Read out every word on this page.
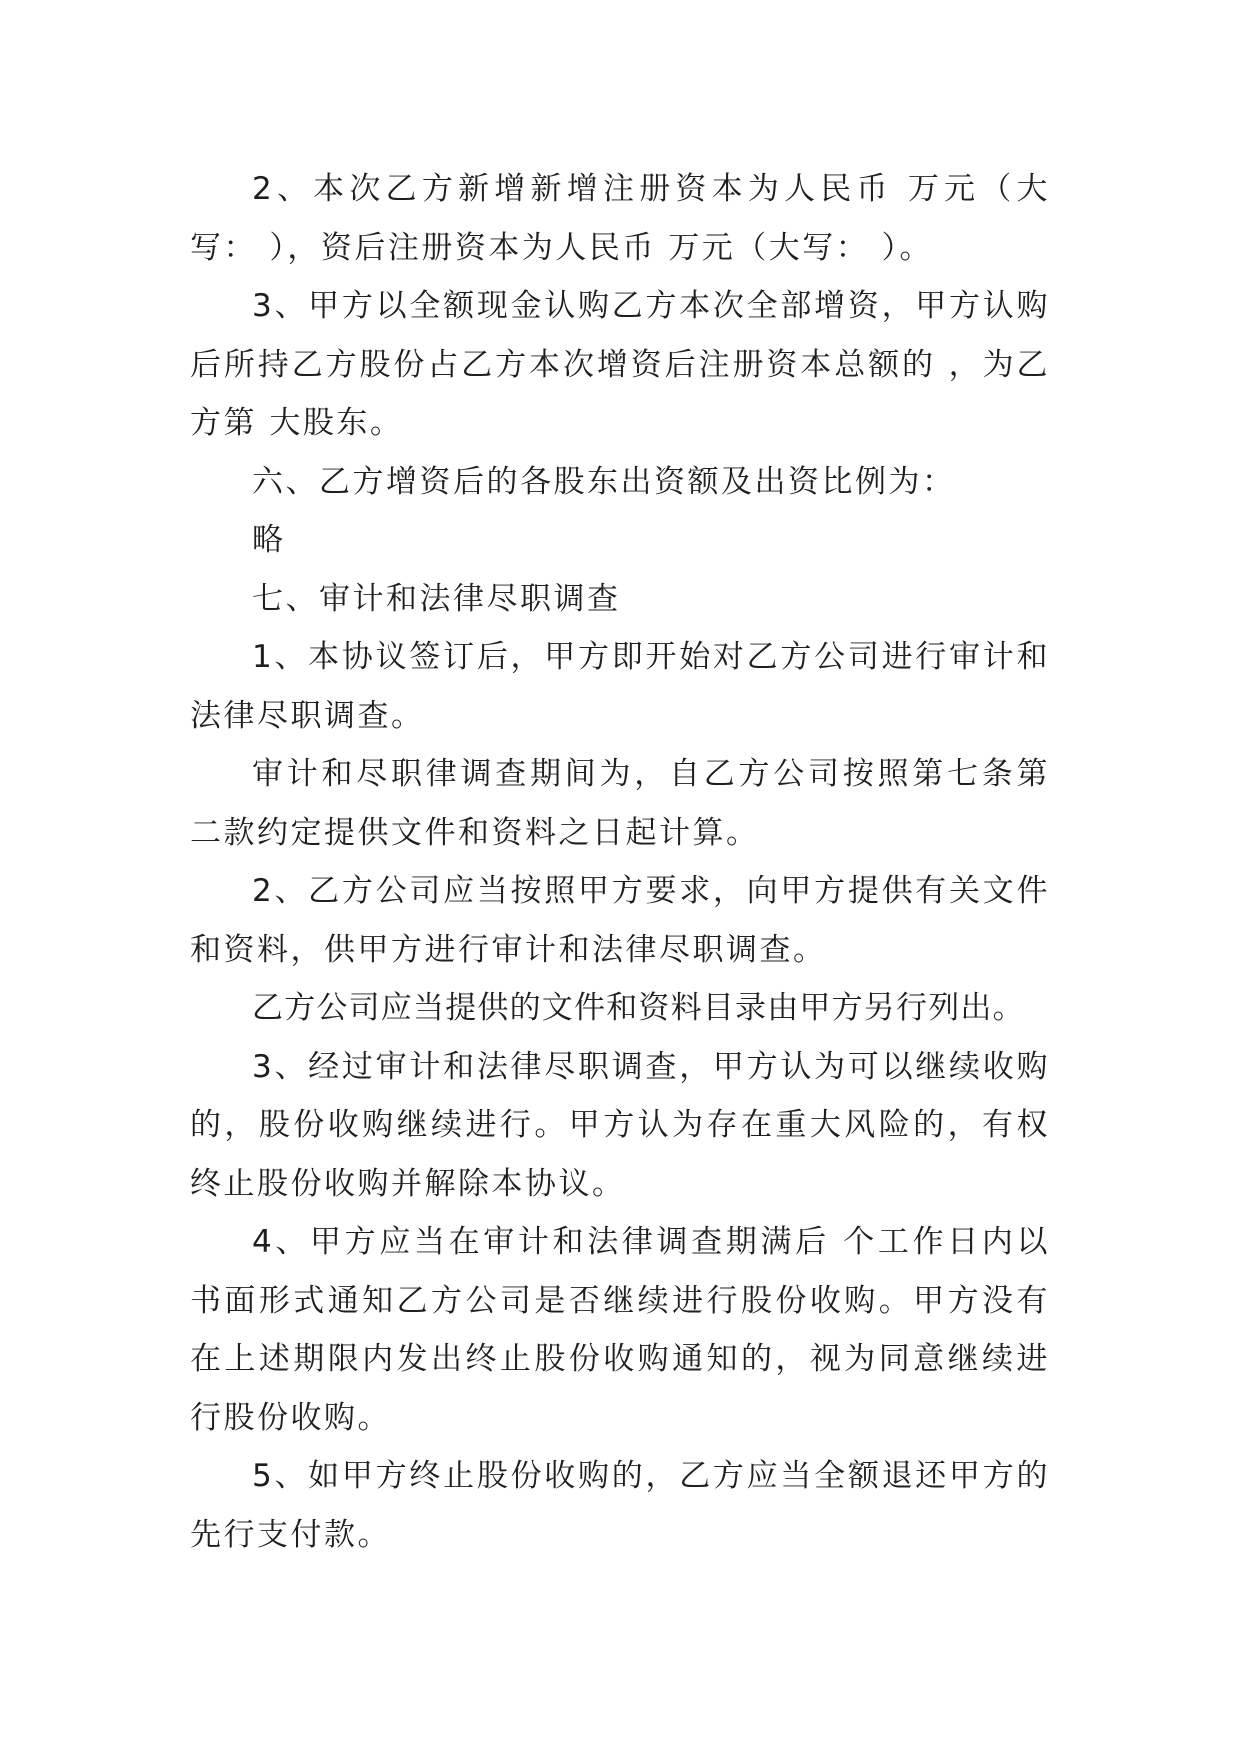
2、本次乙方新增新增注册资本为人民币 万元（大写： ），资后注册资本为人民币 万元（大写： ）。

3、甲方以全额现金认购乙方本次全部增资，甲方认购后所持乙方股份占乙方本次增资后注册资本总额的 ，为乙方第 大股东。

六、乙方增资后的各股东出资额及出资比例为：

略

七、审计和法律尽职调查

1、本协议签订后，甲方即开始对乙方公司进行审计和法律尽职调查。

审计和尽职律调查期间为，自乙方公司按照第七条第二款约定提供文件和资料之日起计算。

2、乙方公司应当按照甲方要求，向甲方提供有关文件和资料，供甲方进行审计和法律尽职调查。

乙方公司应当提供的文件和资料目录由甲方另行列出。

3、经过审计和法律尽职调查，甲方认为可以继续收购的，股份收购继续进行。甲方认为存在重大风险的，有权终止股份收购并解除本协议。

4、甲方应当在审计和法律调查期满后 个工作日内以书面形式通知乙方公司是否继续进行股份收购。甲方没有在上述期限内发出终止股份收购通知的，视为同意继续进行股份收购。

5、如甲方终止股份收购的，乙方应当全额退还甲方的先行支付款。
